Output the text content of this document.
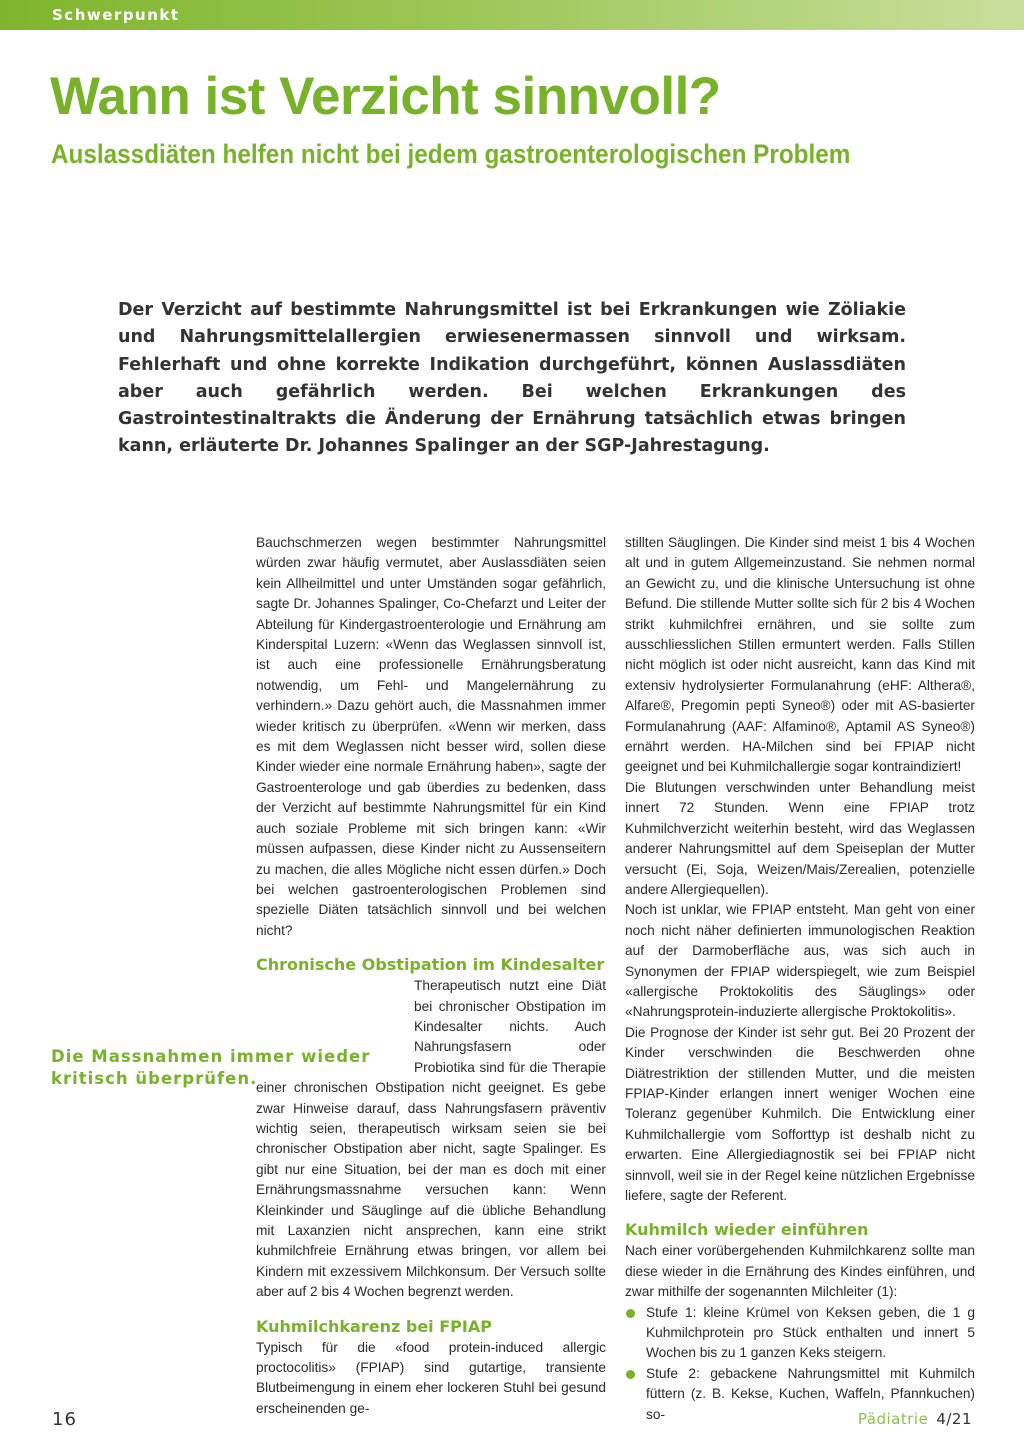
Schwerpunkt
Wann ist Verzicht sinnvoll?
Auslassdiäten helfen nicht bei jedem gastroenterologischen Problem

Der Verzicht auf bestimmte Nahrungsmittel ist bei Erkrankungen wie Zöliakie und Nahrungsmittelallergien erwiesenermassen sinnvoll und wirksam. Fehlerhaft und ohne korrekte Indikation durchgeführt, können Auslassdiäten aber auch gefährlich werden. Bei welchen Erkrankungen des Gastrointestinaltrakts die Änderung der Ernährung tatsächlich etwas bringen kann, erläuterte Dr. Johannes Spalinger an der SGP-Jahrestagung.

Bauchschmerzen wegen bestimmter Nahrungsmittel würden zwar häufig vermutet, aber Auslassdiäten seien kein Allheilmittel und unter Umständen sogar gefährlich, sagte Dr. Johannes Spalinger, Co-Chefarzt und Leiter der Abteilung für Kindergastroenterologie und Ernährung am Kinderspital Luzern: «Wenn das Weglassen sinnvoll ist, ist auch eine professionelle Ernährungsberatung notwendig, um Fehl- und Mangelernährung zu verhindern.» Dazu gehört auch, die Massnahmen immer wieder kritisch zu überprüfen. «Wenn wir merken, dass es mit dem Weglassen nicht besser wird, sollen diese Kinder wieder eine normale Ernährung haben», sagte der Gastroenterologe und gab überdies zu bedenken, dass der Verzicht auf bestimmte Nahrungsmittel für ein Kind auch soziale Probleme mit sich bringen kann: «Wir müssen aufpassen, diese Kinder nicht zu Aussenseitern zu machen, die alles Mögliche nicht essen dürfen.» Doch bei welchen gastroenterologischen Problemen sind spezielle Diäten tatsächlich sinnvoll und bei welchen nicht?

Chronische Obstipation im Kindesalter

Therapeutisch nutzt eine Diät bei chronischer Obstipation im Kindesalter nichts. Auch Nahrungsfasern oder Probiotika sind für die Therapie einer chronischen Obstipation nicht geeignet. Es gebe zwar Hinweise darauf, dass Nahrungsfasern präventiv wichtig seien, therapeutisch wirksam seien sie bei chronischer Obstipation aber nicht, sagte Spalinger. Es gibt nur eine Situation, bei der man es doch mit einer Ernährungsmassnahme versuchen kann: Wenn Kleinkinder und Säuglinge auf die übliche Behandlung mit Laxanzien nicht ansprechen, kann eine strikt kuhmilchfreie Ernährung etwas bringen, vor allem bei Kindern mit exzessivem Milchkonsum. Der Versuch sollte aber auf 2 bis 4 Wochen begrenzt werden.

Kuhmilchkarenz bei FPIAP

Typisch für die «food protein-induced allergic proctocolitis» (FPIAP) sind gutartige, transiente Blutbeimengung in einem eher lockeren Stuhl bei gesund erscheinenden ge-

Die Massnahmen immer wieder kritisch überprüfen.

stillten Säuglingen. Die Kinder sind meist 1 bis 4 Wochen alt und in gutem Allgemeinzustand. Sie nehmen normal an Gewicht zu, und die klinische Untersuchung ist ohne Befund. Die stillende Mutter sollte sich für 2 bis 4 Wochen strikt kuhmilchfrei ernähren, und sie sollte zum ausschliesslichen Stillen ermuntert werden. Falls Stillen nicht möglich ist oder nicht ausreicht, kann das Kind mit extensiv hydrolysierter Formulanahrung (eHF: Althera®, Alfare®, Pregomin pepti Syneo®) oder mit AS-basierter Formulanahrung (AAF: Alfamino®, Aptamil AS Syneo®) ernährt werden. HA-Milchen sind bei FPIAP nicht geeignet und bei Kuhmilchallergie sogar kontraindiziert!

Die Blutungen verschwinden unter Behandlung meist innert 72 Stunden. Wenn eine FPIAP trotz Kuhmilchverzicht weiterhin besteht, wird das Weglassen anderer Nahrungsmittel auf dem Speiseplan der Mutter versucht (Ei, Soja, Weizen/Mais/Zerealien, potenzielle andere Allergiequellen).

Noch ist unklar, wie FPIAP entsteht. Man geht von einer noch nicht näher definierten immunologischen Reaktion auf der Darmoberfläche aus, was sich auch in Synonymen der FPIAP widerspiegelt, wie zum Beispiel «allergische Proktokolitis des Säuglings» oder «Nahrungsprotein-induzierte allergische Proktokolitis».

Die Prognose der Kinder ist sehr gut. Bei 20 Prozent der Kinder verschwinden die Beschwerden ohne Diätrestriktion der stillenden Mutter, und die meisten FPIAP-Kinder erlangen innert weniger Wochen eine Toleranz gegenüber Kuhmilch. Die Entwicklung einer Kuhmilchallergie vom Sofforttyp ist deshalb nicht zu erwarten. Eine Allergiediagnostik sei bei FPIAP nicht sinnvoll, weil sie in der Regel keine nützlichen Ergebnisse liefere, sagte der Referent.

Kuhmilch wieder einführen

Nach einer vorübergehenden Kuhmilchkarenz sollte man diese wieder in die Ernährung des Kindes einführen, und zwar mithilfe der sogenannten Milchleiter (1):

Stufe 1: kleine Krümel von Keksen geben, die 1 g Kuhmilchprotein pro Stück enthalten und innert 5 Wochen bis zu 1 ganzen Keks steigern.
Stufe 2: gebackene Nahrungsmittel mit Kuhmilch füttern (z. B. Kekse, Kuchen, Waffeln, Pfannkuchen) so-
16	Pädiatrie 4/21
